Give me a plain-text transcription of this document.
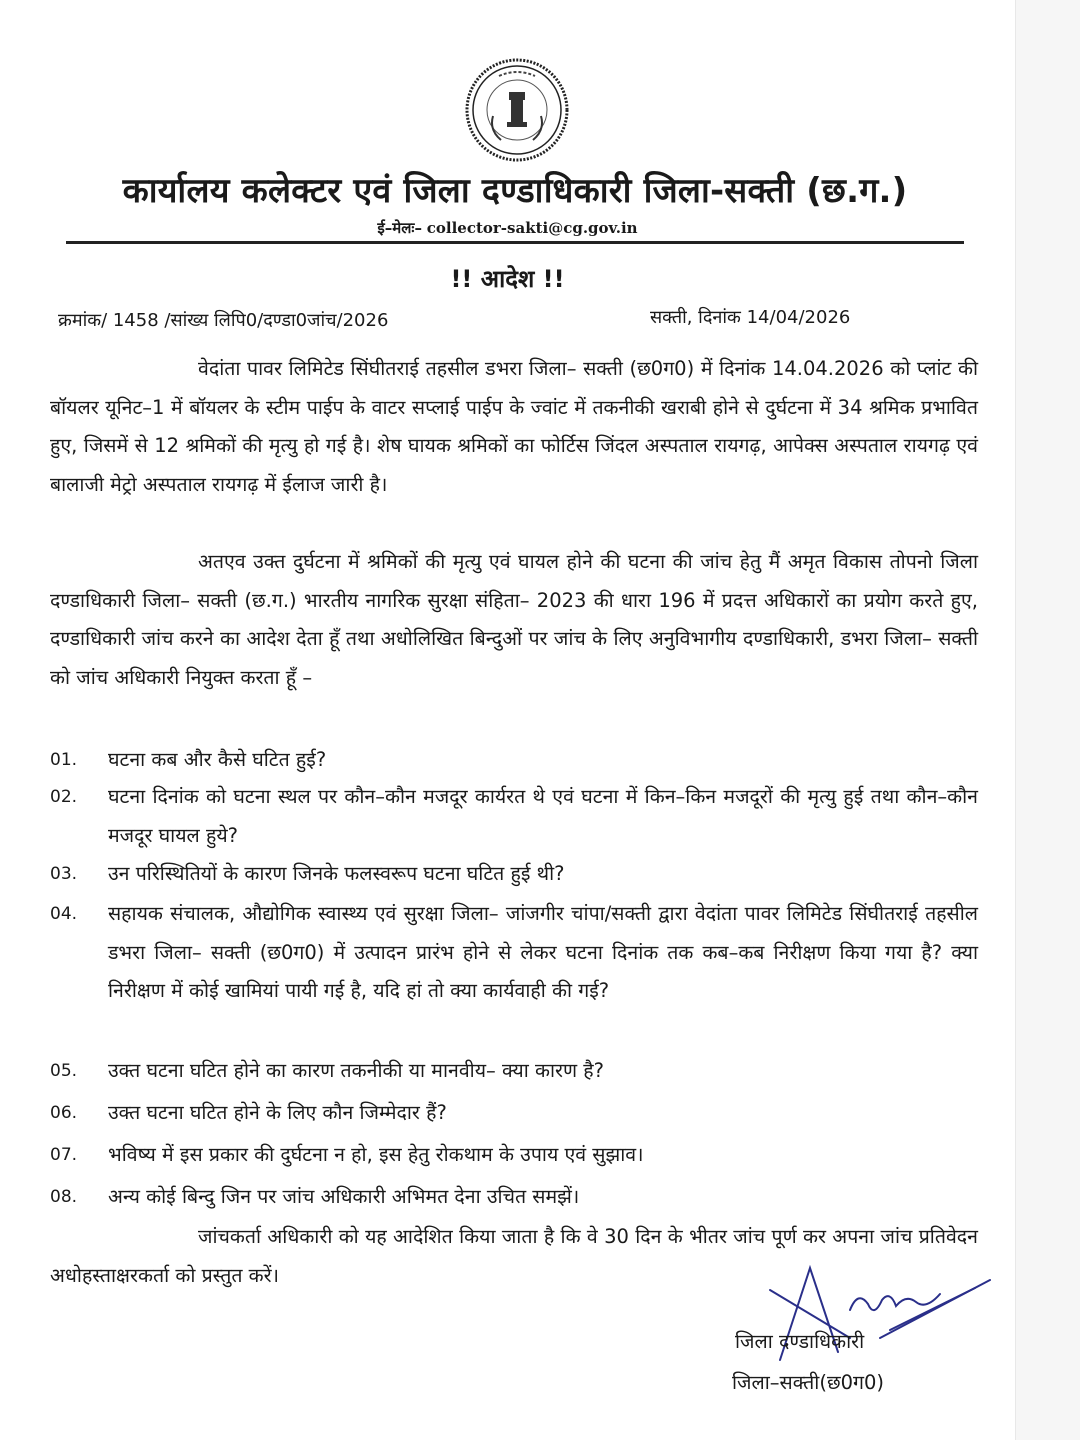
कार्यालय कलेक्टर एवं जिला दण्डाधिकारी जिला-सक्ती (छ.ग.)
ई–मेलः– collector-sakti@cg.gov.in
!! आदेश !!
क्रमांक/ 1458 /सांख्य लिपि0/दण्डा0जांच/2026	सक्ती, दिनांक 14/04/2026
वेदांता पावर लिमिटेड सिंघीतराई तहसील डभरा जिला– सक्ती (छ0ग0) में दिनांक 14.04.2026 को प्लांट की बॉयलर यूनिट–1 में बॉयलर के स्टीम पाईप के वाटर सप्लाई पाईप के ज्वांट में तकनीकी खराबी होने से दुर्घटना में 34 श्रमिक प्रभावित हुए, जिसमें से 12 श्रमिकों की मृत्यु हो गई है। शेष घायक श्रमिकों का फोर्टिस जिंदल अस्पताल रायगढ़, आपेक्स अस्पताल रायगढ़ एवं बालाजी मेट्रो अस्पताल रायगढ़ में ईलाज जारी है।
अतएव उक्त दुर्घटना में श्रमिकों की मृत्यु एवं घायल होने की घटना की जांच हेतु मैं अमृत विकास तोपनो जिला दण्डाधिकारी जिला– सक्ती (छ.ग.) भारतीय नागरिक सुरक्षा संहिता– 2023 की धारा 196 में प्रदत्त अधिकारों का प्रयोग करते हुए, दण्डाधिकारी जांच करने का आदेश देता हूँ तथा अधोलिखित बिन्दुओं पर जांच के लिए अनुविभागीय दण्डाधिकारी, डभरा जिला– सक्ती को जांच अधिकारी नियुक्त करता हूँ –
01.	घटना कब और कैसे घटित हुई?
02.	घटना दिनांक को घटना स्थल पर कौन–कौन मजदूर कार्यरत थे एवं घटना में किन–किन मजदूरों की मृत्यु हुई तथा कौन–कौन मजदूर घायल हुये?
03.	उन परिस्थितियों के कारण जिनके फलस्वरूप घटना घटित हुई थी?
04.	सहायक संचालक, औद्योगिक स्वास्थ्य एवं सुरक्षा जिला– जांजगीर चांपा/सक्ती द्वारा वेदांता पावर लिमिटेड सिंघीतराई तहसील डभरा जिला– सक्ती (छ0ग0) में उत्पादन प्रारंभ होने से लेकर घटना दिनांक तक कब–कब निरीक्षण किया गया है? क्या निरीक्षण में कोई खामियां पायी गई है, यदि हां तो क्या कार्यवाही की गई?
05.	उक्त घटना घटित होने का कारण तकनीकी या मानवीय– क्या कारण है?
06.	उक्त घटना घटित होने के लिए कौन जिम्मेदार हैं?
07.	भविष्य में इस प्रकार की दुर्घटना न हो, इस हेतु रोकथाम के उपाय एवं सुझाव।
08.	अन्य कोई बिन्दु जिन पर जांच अधिकारी अभिमत देना उचित समझें।
जांचकर्ता अधिकारी को यह आदेशित किया जाता है कि वे 30 दिन के भीतर जांच पूर्ण कर अपना जांच प्रतिवेदन अधोहस्ताक्षरकर्ता को प्रस्तुत करें।
जिला दण्डाधिकारी
जिला–सक्ती(छ0ग0)
